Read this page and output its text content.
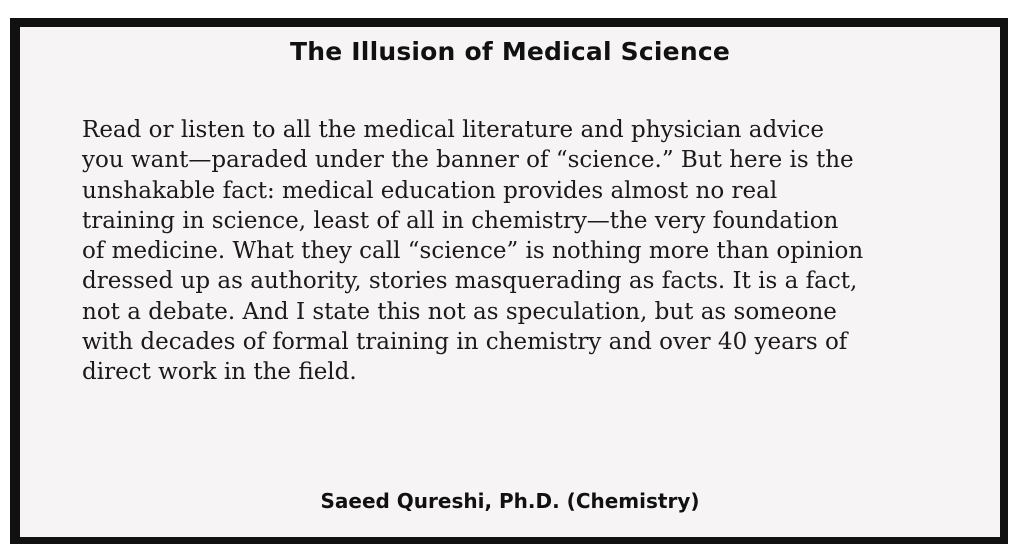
The Illusion of Medical Science

Read or listen to all the medical literature and physician advice
you want—paraded under the banner of “science.” But here is the
unshakable fact: medical education provides almost no real
training in science, least of all in chemistry—the very foundation
of medicine. What they call “science” is nothing more than opinion
dressed up as authority, stories masquerading as facts. It is a fact,
not a debate. And I state this not as speculation, but as someone
with decades of formal training in chemistry and over 40 years of
direct work in the field.

Saeed Qureshi, Ph.D. (Chemistry)
